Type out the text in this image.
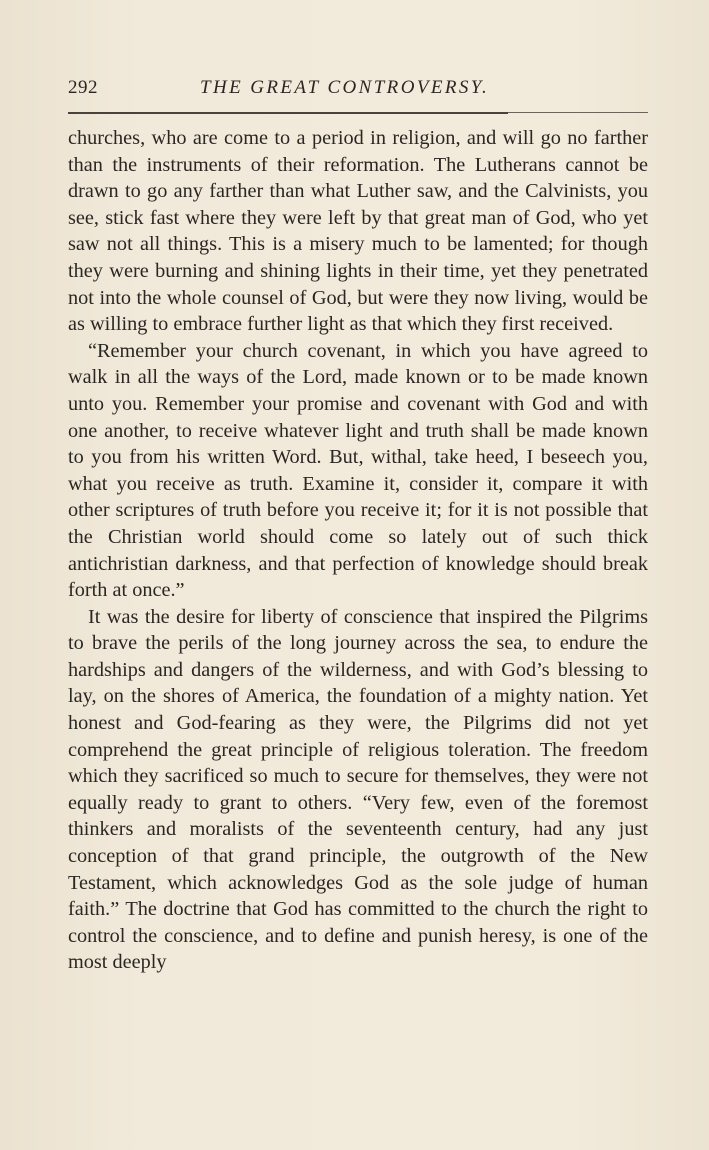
292	THE GREAT CONTROVERSY.

churches, who are come to a period in religion, and will go no farther than the instruments of their reformation. The Lutherans cannot be drawn to go any farther than what Luther saw, and the Calvinists, you see, stick fast where they were left by that great man of God, who yet saw not all things. This is a misery much to be lamented; for though they were burning and shining lights in their time, yet they penetrated not into the whole counsel of God, but were they now living, would be as willing to embrace further light as that which they first received.

“Remember your church covenant, in which you have agreed to walk in all the ways of the Lord, made known or to be made known unto you. Remember your promise and covenant with God and with one another, to receive whatever light and truth shall be made known to you from his written Word. But, withal, take heed, I beseech you, what you receive as truth. Examine it, consider it, compare it with other scriptures of truth before you receive it; for it is not possible that the Christian world should come so lately out of such thick antichristian darkness, and that perfection of knowledge should break forth at once.”

It was the desire for liberty of conscience that inspired the Pilgrims to brave the perils of the long journey across the sea, to endure the hardships and dangers of the wilderness, and with God’s blessing to lay, on the shores of America, the foundation of a mighty nation. Yet honest and God-fearing as they were, the Pilgrims did not yet comprehend the great principle of religious toleration. The freedom which they sacrificed so much to secure for themselves, they were not equally ready to grant to others. “Very few, even of the foremost thinkers and moralists of the seventeenth century, had any just conception of that grand principle, the outgrowth of the New Testament, which acknowledges God as the sole judge of human faith.” The doctrine that God has committed to the church the right to control the conscience, and to define and punish heresy, is one of the most deeply
